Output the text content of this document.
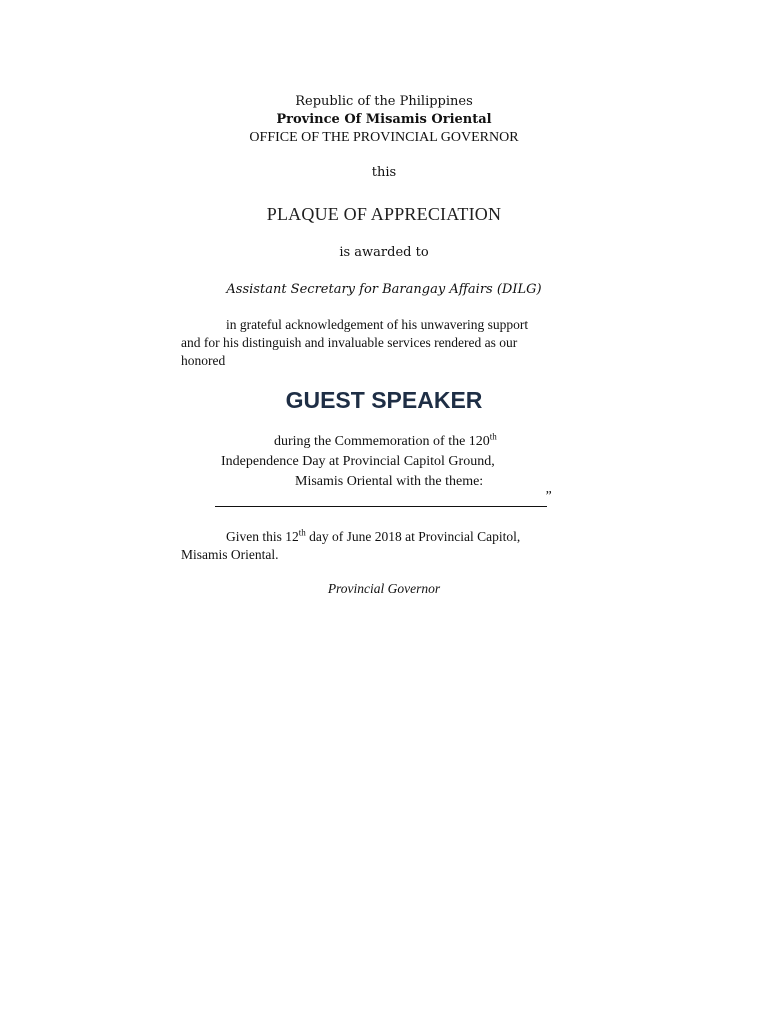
Republic of the Philippines
Province Of Misamis Oriental
OFFICE OF THE PROVINCIAL GOVERNOR
this
PLAQUE OF APPRECIATION
is awarded to
Assistant Secretary for Barangay Affairs (DILG)
in grateful acknowledgement of his unwavering support
and for his distinguish and invaluable services rendered as our
honored
GUEST SPEAKER
during the Commemoration of the 120th
Independence Day at Provincial Capitol Ground,
Misamis Oriental with the theme:
”
Given this 12th day of June 2018 at Provincial Capitol,
Misamis Oriental.
Provincial Governor
